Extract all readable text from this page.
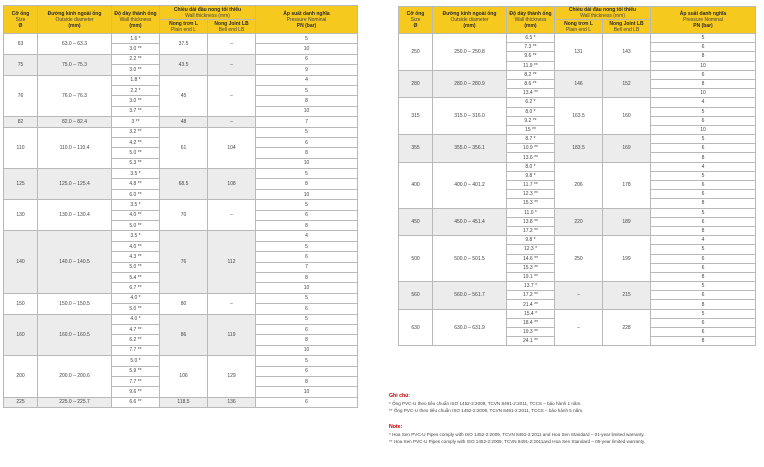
Cỡ ống
Size
Ø	Đường kính ngoài ống
Outside diameter
(mm)	Độ dày thành ống
Wall thickness
(mm)	Chiều dài đầu nong tối thiểu
Wall thickness (mm)		Áp suất danh nghĩa
Pressure Nominal
PN (bar)
			Nong trơn L
Plain end L	Nong Joint LB
Bell end LB	
63	63.0 – 63.3	1.6 *	37.5	–	5
		3.0 **			10
75	75.0 – 75.3	2.2 **	43.5	–	6
		3.0 **			9
76	76.0 – 76.3	1.8 *	45	–	4
		2.2 *			5
		3.0 **			8
		3.7 **			10
82	82.0 – 82.4	3 **	48	–	7
110	110.0 – 110.4	3.2 **	61	104	5
		4.2 **			6
		5.0 **			8
		5.3 **			10
125	125.0 – 125.4	3.5 *	68.5	108	5
		4.8 **			8
		6.0 **			10
130	130.0 – 130.4	3.5 *	70	–	5
		4.0 **			6
		5.0 **			8
140	140.0 – 140.5	3.5 *	76	112	4
		4.0 **			5
		4.3 **			6
		5.0 **			7
		5.4 **			8
		6.7 **			10
150	150.0 – 150.5	4.0 *	80	–	5
		5.0 **			6
160	160.0 – 160.5	4.0 *	86	119	5
		4.7 **			6
		6.2 **			8
		7.7 **			10
200	200.0 – 200.6	5.0 *	106	129	5
		5.9 **			6
		7.7 **			8
		9.6 **			10
225	225.0 – 225.7	6.6 **	118.5	136	6
Cỡ ống
Size
Ø	Đường kính ngoài ống
Outside diameter
(mm)	Độ dày thành ống
Wall thickness
(mm)	Chiều dài đầu nong tối thiểu
Wall thickness (mm)		Áp suất danh nghĩa
Pressure Nominal
PN (bar)
			Nong trơn L
Plain end L	Nong Joint LB
Bell end LB	
250	250.0 – 250.8	6.5 *	131	143	5
		7.3 **			6
		9.6 **			8
		11.9 **			10
280	280.0 – 280.9	8.2 **	146	152	6
		8.6 **			8
		13.4 **			10
315	315.0 – 316.0	6.2 *	163.5	160	4
		8.0 *			5
		9.2 **			6
		15 **			10
355	355.0 – 356.1	8.7 *	183.5	169	5
		10.9 **			6
		13.6 **			8
400	400.0 – 401.2	8.0 *	206	178	4
		9.8 *			5
		11.7 **			6
		12.3 **			6
		15.3 **			8
450	450.0 – 451.4	11.0 *	220	189	5
		13.8 **			6
		17.2 **			8
500	500.0 – 501.5	9.8 *	250	199	4
		12.3 *			5
		14.6 **			6
		15.3 **			6
		19.1 **			8
560	560.0 – 561.7	13.7 *	–	215	5
		17.2 **			6
		21.4 **			8
630	630.0 – 631.9	15.4 *	–	228	5
		18.4 **			6
		19.3 **			6
		24.1 **			8
Ghi chú:
* Ống PVC-U theo tiêu chuẩn ISO 1452-2:2009, TCVN 8491-2:2011, TCCS – bảo hành 1 năm.
** Ống PVC-U theo tiêu chuẩn ISO 1452-2:2009, TCVN 8491-2:2011, TCCS – bảo hành 5 năm.
Note:
* Hoa Sen PVC-U Pipes comply with ISO 1452-2:2009, TCVN 8491-2:2011 and Hoa Sen Standard – 01-year limited warranty.
** Hoa Sen PVC-U Pipes comply with ISO 1452-2:2009, TCVN 8491-2:2011and Hoa Sen Standard – 05-year limited warranty.
